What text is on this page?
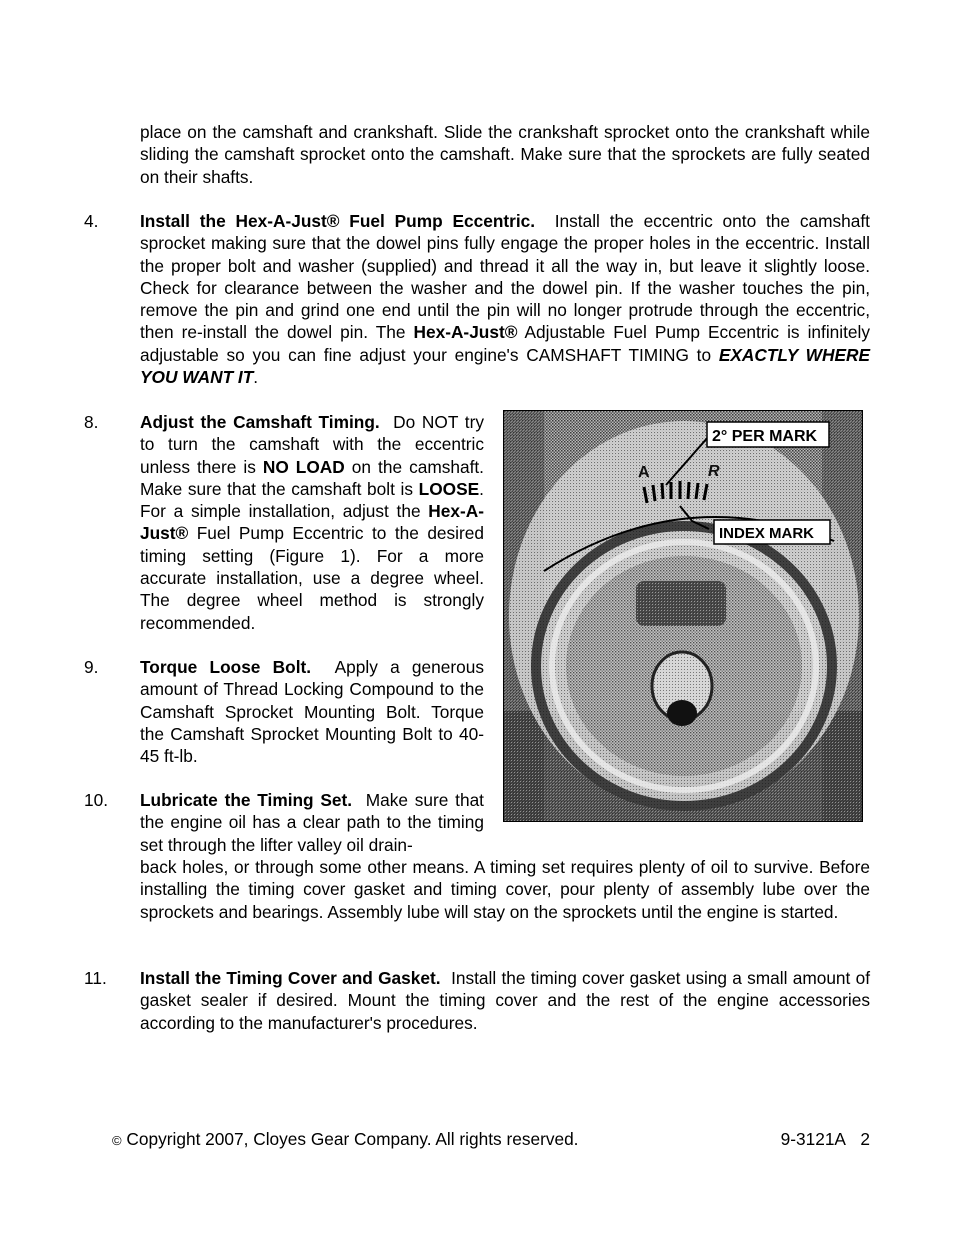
place on the camshaft and crankshaft. Slide the crankshaft sprocket onto the crankshaft while sliding the camshaft sprocket onto the camshaft. Make sure that the sprockets are fully seated on their shafts.
4. Install the Hex-A-Just® Fuel Pump Eccentric. Install the eccentric onto the camshaft sprocket making sure that the dowel pins fully engage the proper holes in the eccentric. Install the proper bolt and washer (supplied) and thread it all the way in, but leave it slightly loose. Check for clearance between the washer and the dowel pin. If the washer touches the pin, remove the pin and grind one end until the pin will no longer protrude through the eccentric, then re-install the dowel pin. The Hex-A-Just® Adjustable Fuel Pump Eccentric is infinitely adjustable so you can fine adjust your engine's CAMSHAFT TIMING to EXACTLY WHERE YOU WANT IT.
8. Adjust the Camshaft Timing. Do NOT try to turn the camshaft with the eccentric unless there is NO LOAD on the camshaft. Make sure that the camshaft bolt is LOOSE. For a simple installation, adjust the Hex-A-Just® Fuel Pump Eccentric to the desired timing setting (Figure 1). For a more accurate installation, use a degree wheel. The degree wheel method is strongly recommended.
9. Torque Loose Bolt. Apply a generous amount of Thread Locking Compound to the Camshaft Sprocket Mounting Bolt. Torque the Camshaft Sprocket Mounting Bolt to 40-45 ft-lb.
10. Lubricate the Timing Set. Make sure that the engine oil has a clear path to the timing set through the lifter valley oil drain-
back holes, or through some other means. A timing set requires plenty of oil to survive. Before installing the timing cover gasket and timing cover, pour plenty of assembly lube over the sprockets and bearings. Assembly lube will stay on the sprockets until the engine is started.
11. Install the Timing Cover and Gasket. Install the timing cover gasket using a small amount of gasket sealer if desired. Mount the timing cover and the rest of the engine accessories according to the manufacturer's procedures.
2° PER MARK
INDEX MARK
A	R
© Copyright 2007, Cloyes Gear Company. All rights reserved.	9-3121A 2
